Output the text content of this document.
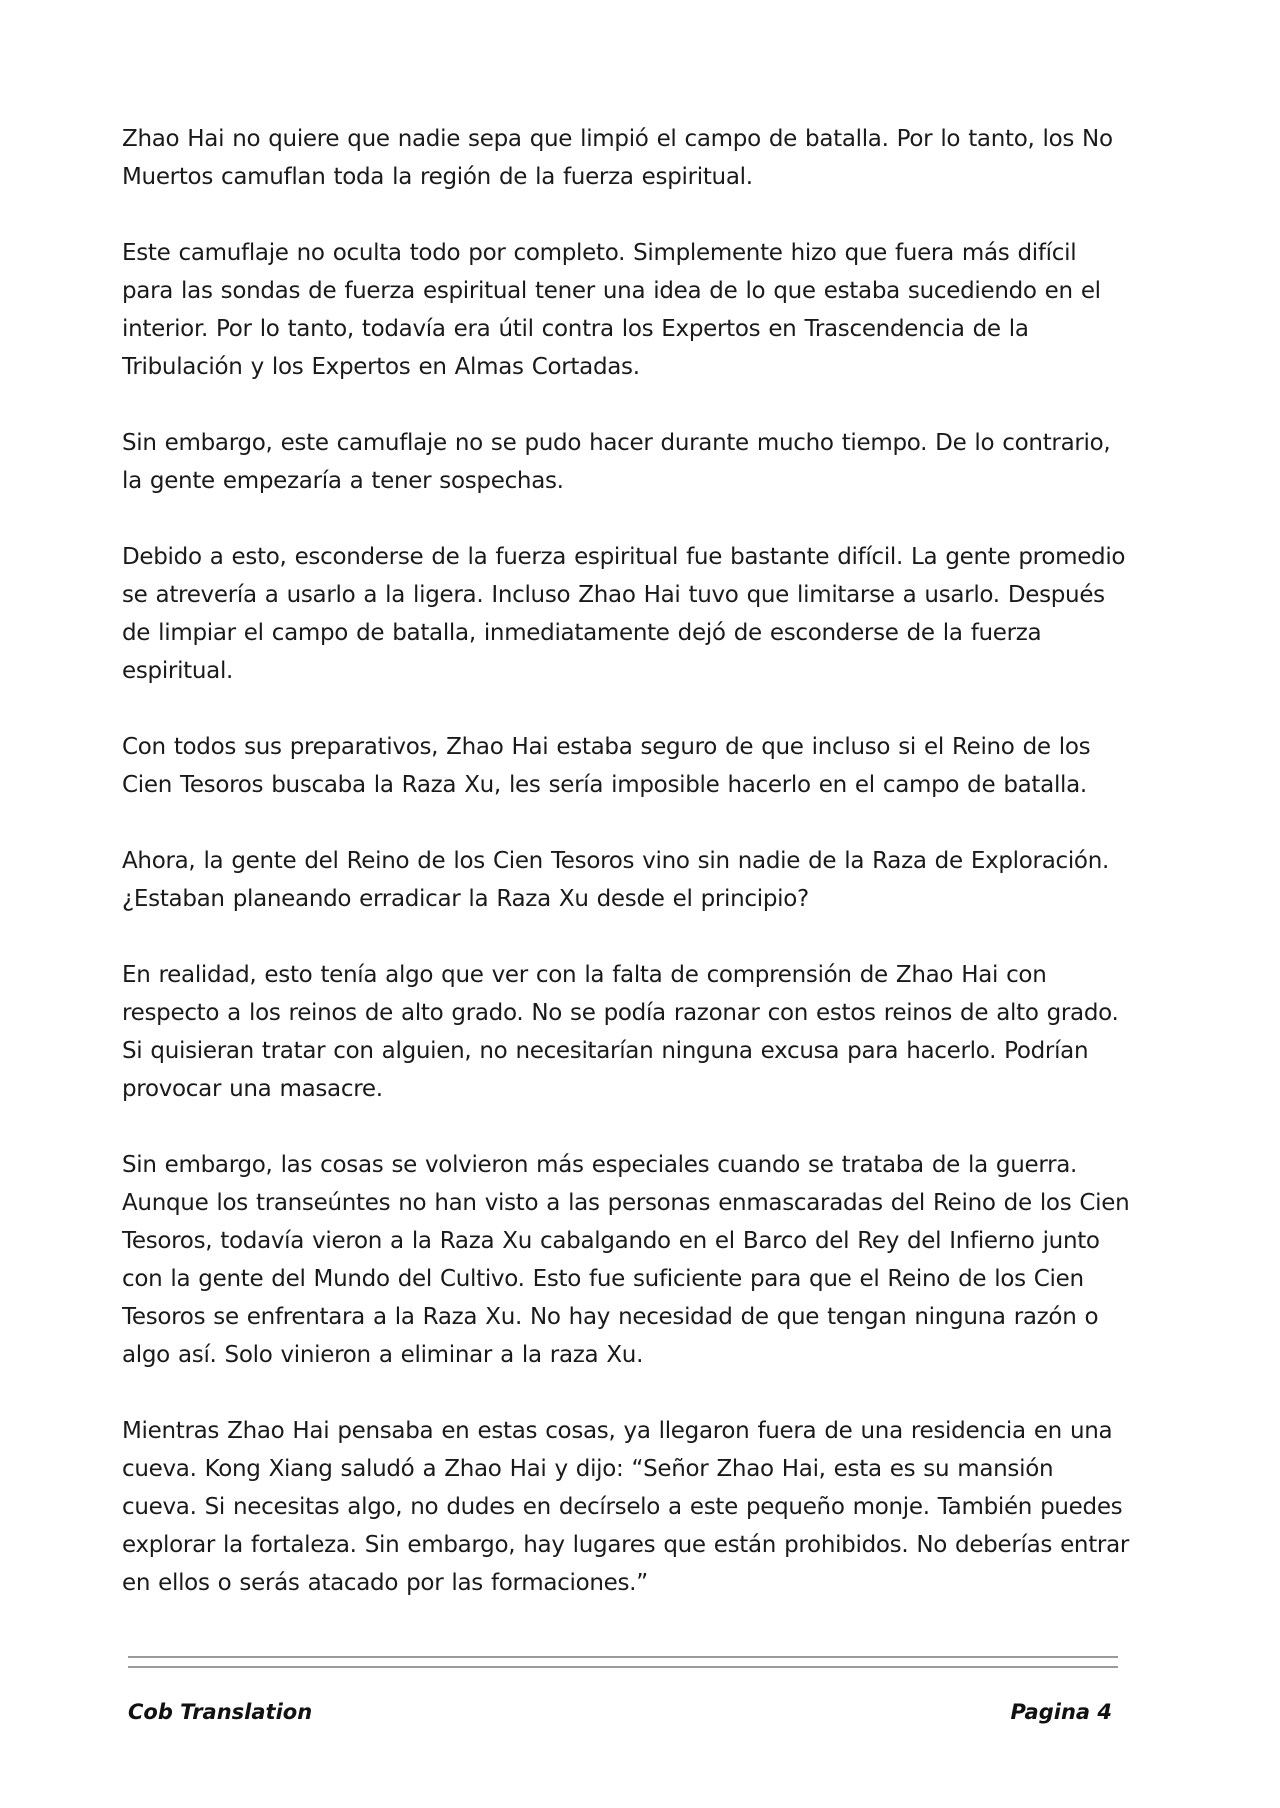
Zhao Hai no quiere que nadie sepa que limpió el campo de batalla. Por lo tanto, los No Muertos camuflan toda la región de la fuerza espiritual.

Este camuflaje no oculta todo por completo. Simplemente hizo que fuera más difícil para las sondas de fuerza espiritual tener una idea de lo que estaba sucediendo en el interior. Por lo tanto, todavía era útil contra los Expertos en Trascendencia de la Tribulación y los Expertos en Almas Cortadas.

Sin embargo, este camuflaje no se pudo hacer durante mucho tiempo. De lo contrario, la gente empezaría a tener sospechas.

Debido a esto, esconderse de la fuerza espiritual fue bastante difícil. La gente promedio se atrevería a usarlo a la ligera. Incluso Zhao Hai tuvo que limitarse a usarlo. Después de limpiar el campo de batalla, inmediatamente dejó de esconderse de la fuerza espiritual.

Con todos sus preparativos, Zhao Hai estaba seguro de que incluso si el Reino de los Cien Tesoros buscaba la Raza Xu, les sería imposible hacerlo en el campo de batalla.

Ahora, la gente del Reino de los Cien Tesoros vino sin nadie de la Raza de Exploración. ¿Estaban planeando erradicar la Raza Xu desde el principio?

En realidad, esto tenía algo que ver con la falta de comprensión de Zhao Hai con respecto a los reinos de alto grado. No se podía razonar con estos reinos de alto grado. Si quisieran tratar con alguien, no necesitarían ninguna excusa para hacerlo. Podrían provocar una masacre.

Sin embargo, las cosas se volvieron más especiales cuando se trataba de la guerra. Aunque los transeúntes no han visto a las personas enmascaradas del Reino de los Cien Tesoros, todavía vieron a la Raza Xu cabalgando en el Barco del Rey del Infierno junto con la gente del Mundo del Cultivo. Esto fue suficiente para que el Reino de los Cien Tesoros se enfrentara a la Raza Xu. No hay necesidad de que tengan ninguna razón o algo así. Solo vinieron a eliminar a la raza Xu.

Mientras Zhao Hai pensaba en estas cosas, ya llegaron fuera de una residencia en una cueva. Kong Xiang saludó a Zhao Hai y dijo: “Señor Zhao Hai, esta es su mansión cueva. Si necesitas algo, no dudes en decírselo a este pequeño monje. También puedes explorar la fortaleza. Sin embargo, hay lugares que están prohibidos. No deberías entrar en ellos o serás atacado por las formaciones.”

Cob Translation	Pagina 4
